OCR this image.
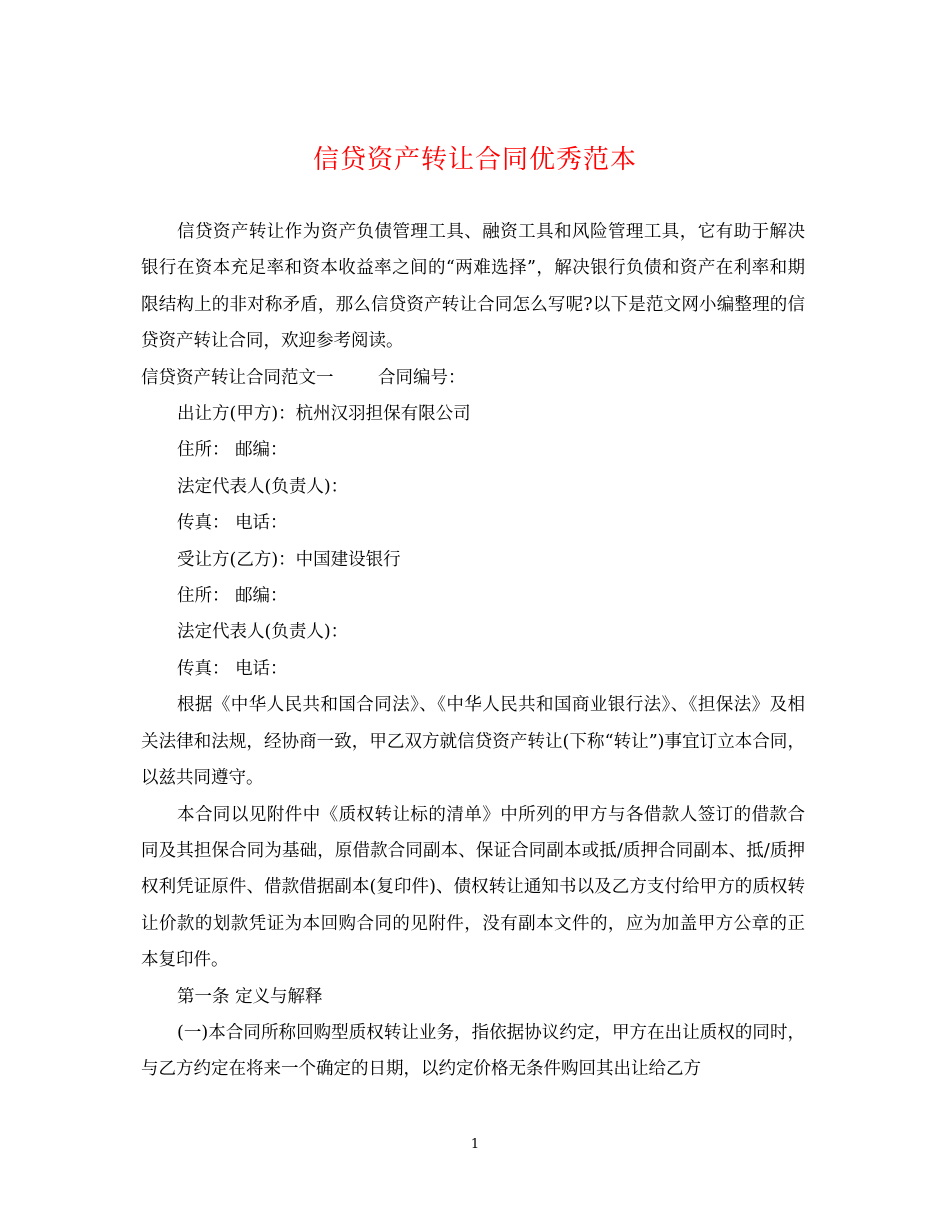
信贷资产转让合同优秀范本

信贷资产转让作为资产负债管理工具、融资工具和风险管理工具，它有助于解决银行在资本充足率和资本收益率之间的“两难选择”，解决银行负债和资产在利率和期限结构上的非对称矛盾，那么信贷资产转让合同怎么写呢?以下是范文网小编整理的信贷资产转让合同，欢迎参考阅读。

信贷资产转让合同范文一        合同编号：

出让方(甲方)：杭州汉羽担保有限公司

住所： 邮编：

法定代表人(负责人)：

传真： 电话：

受让方(乙方)：中国建设银行

住所： 邮编：

法定代表人(负责人)：

传真： 电话：

根据《中华人民共和国合同法》、《中华人民共和国商业银行法》、《担保法》及相关法律和法规，经协商一致，甲乙双方就信贷资产转让(下称“转让”)事宜订立本合同，以兹共同遵守。

本合同以见附件中《质权转让标的清单》中所列的甲方与各借款人签订的借款合同及其担保合同为基础，原借款合同副本、保证合同副本或抵/质押合同副本、抵/质押权利凭证原件、借款借据副本(复印件)、债权转让通知书以及乙方支付给甲方的质权转让价款的划款凭证为本回购合同的见附件，没有副本文件的，应为加盖甲方公章的正本复印件。

第一条 定义与解释

(一)本合同所称回购型质权转让业务，指依据协议约定，甲方在出让质权的同时，与乙方约定在将来一个确定的日期，以约定价格无条件购回其出让给乙方

1
